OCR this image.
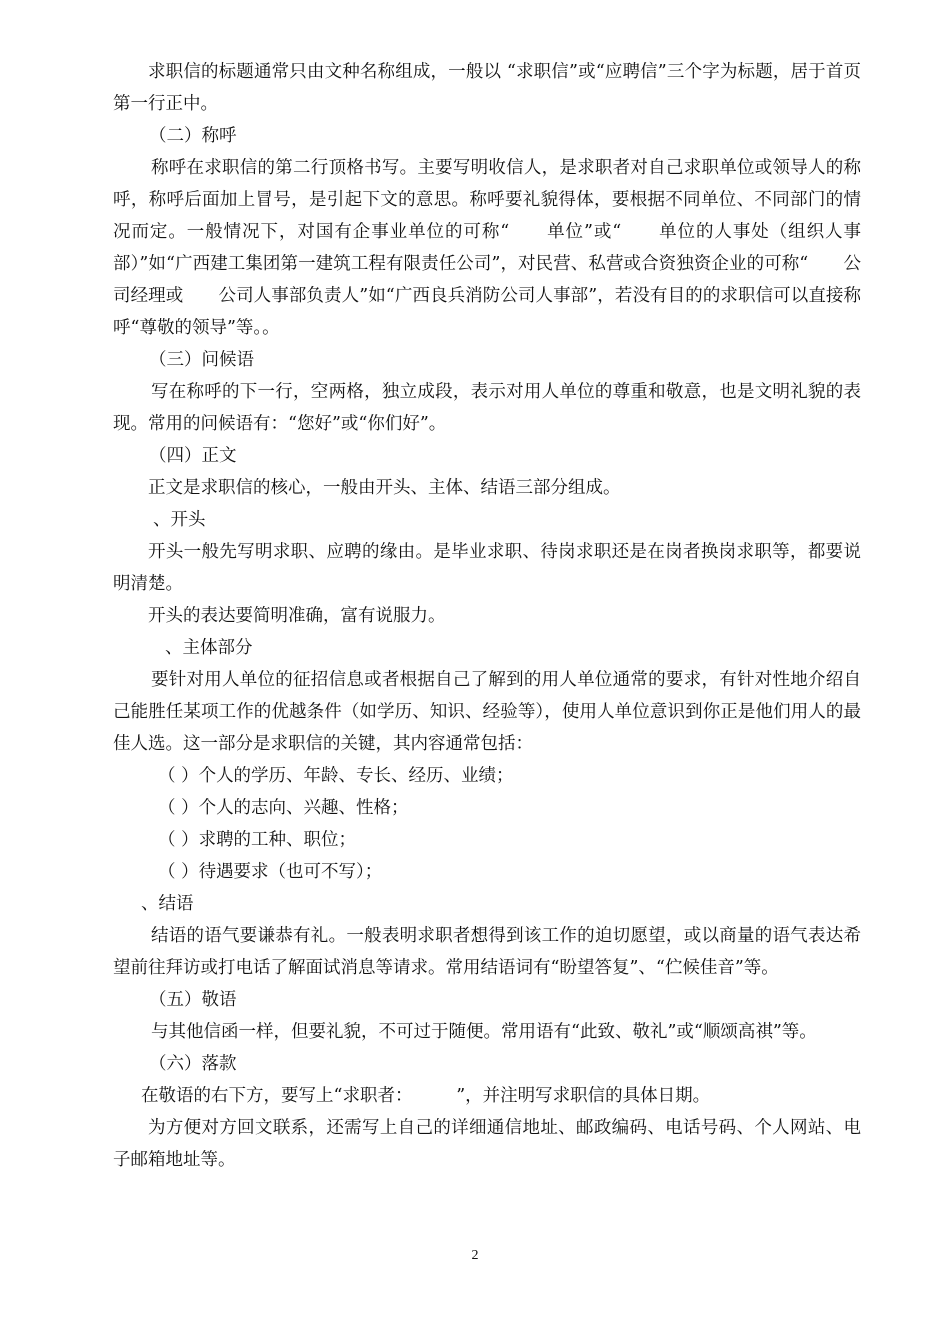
求职信的标题通常只由文种名称组成，一般以 “求职信”或“应聘信”三个字为标题，居于首页第一行正中。

（二）称呼

称呼在求职信的第二行顶格书写。主要写明收信人，是求职者对自己求职单位或领导人的称呼，称呼后面加上冒号，是引起下文的意思。称呼要礼貌得体，要根据不同单位、不同部门的情况而定。一般情况下，对国有企事业单位的可称“　　单位”或“　　单位的人事处（组织人事部）”如“广西建工集团第一建筑工程有限责任公司”，对民营、私营或合资独资企业的可称“　　公司经理或　　公司人事部负责人”如“广西良兵消防公司人事部”，若没有目的的求职信可以直接称呼“尊敬的领导”等。。

（三）问候语

写在称呼的下一行，空两格，独立成段，表示对用人单位的尊重和敬意，也是文明礼貌的表现。常用的问候语有：“您好”或“你们好”。

（四）正文

正文是求职信的核心，一般由开头、主体、结语三部分组成。

、开头

开头一般先写明求职、应聘的缘由。是毕业求职、待岗求职还是在岗者换岗求职等，都要说明清楚。

开头的表达要简明准确，富有说服力。

、主体部分

要针对用人单位的征招信息或者根据自己了解到的用人单位通常的要求，有针对性地介绍自己能胜任某项工作的优越条件（如学历、知识、经验等），使用人单位意识到你正是他们用人的最佳人选。这一部分是求职信的关键，其内容通常包括：

（ ）个人的学历、年龄、专长、经历、业绩；

（ ）个人的志向、兴趣、性格；

（ ）求聘的工种、职位；

（ ）待遇要求（也可不写）；

、结语

结语的语气要谦恭有礼。一般表明求职者想得到该工作的迫切愿望，或以商量的语气表达希望前往拜访或打电话了解面试消息等请求。常用结语词有“盼望答复”、“伫候佳音”等。

（五）敬语

与其他信函一样，但要礼貌，不可过于随便。常用语有“此致、敬礼”或“顺颂高祺”等。

（六）落款

在敬语的右下方，要写上“求职者：　　　”，并注明写求职信的具体日期。

为方便对方回文联系，还需写上自己的详细通信地址、邮政编码、电话号码、个人网站、电子邮箱地址等。

2
